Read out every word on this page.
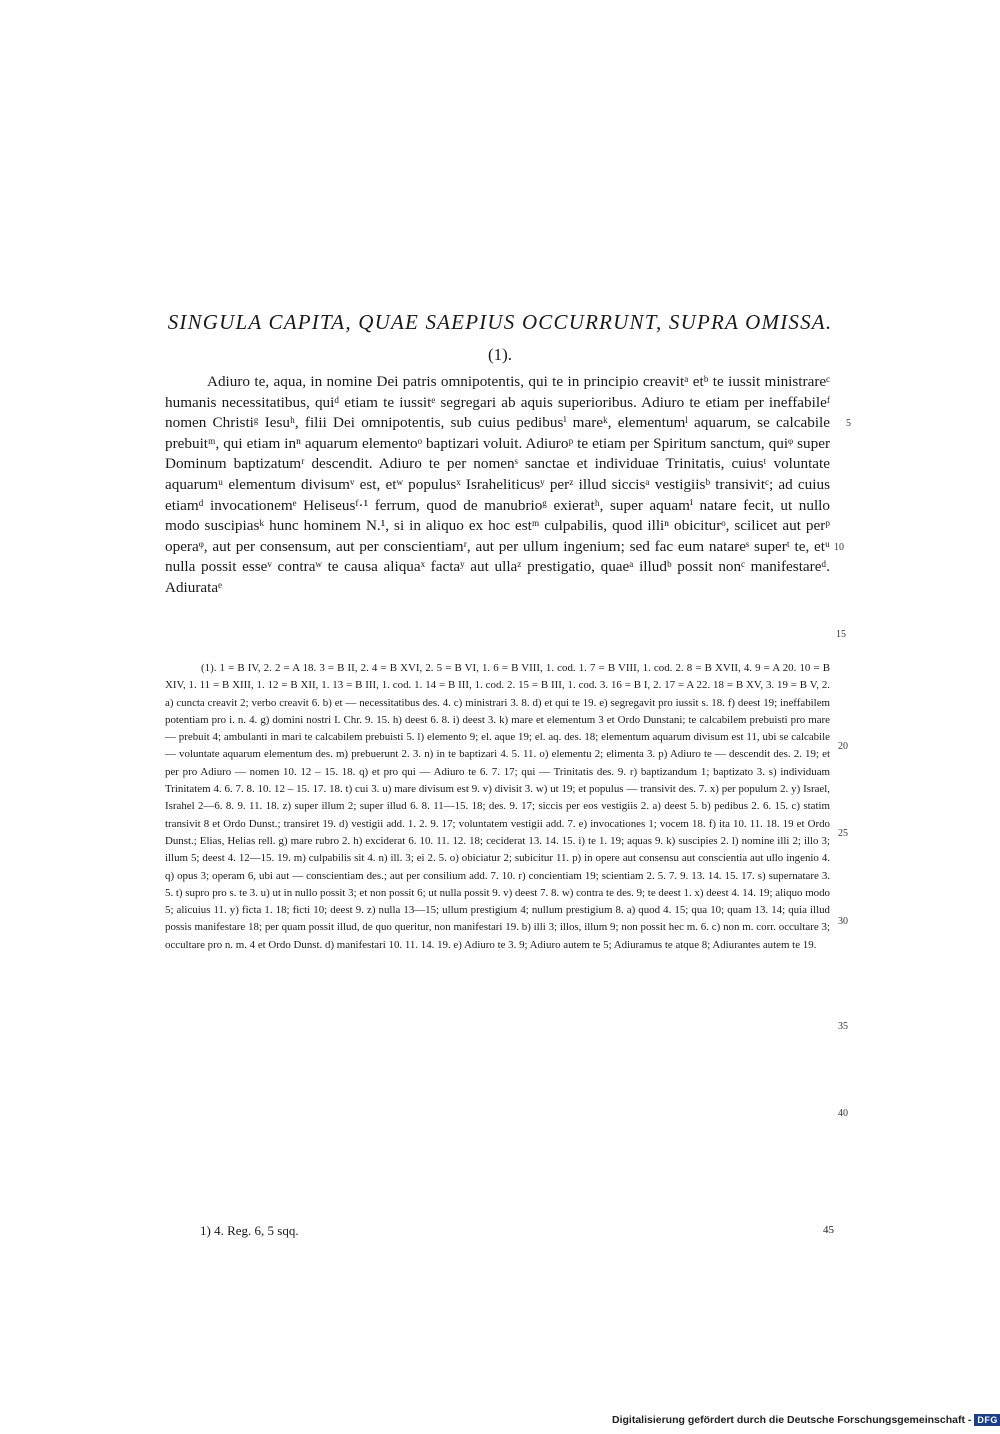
SINGULA CAPITA, QUAE SAEPIUS OCCURRUNT, SUPRA OMISSA.
(1).

Adiuro te, aqua, in nomine Dei patris omnipotentis, qui te in principio creavitᵃ etᵇ te iussit ministrareᶜ humanis necessitatibus, quiᵈ etiam te iussitᵉ segregari ab aquis superioribus. Adiuro te etiam per ineffabileᶠ nomen Christiᵍ Iesuʰ, filii Dei omnipotentis, sub cuius pedibusⁱ mareᵏ, elementumˡ aquarum, se calcabile prebuitᵐ, qui etiam inⁿ aquarum elementoᵒ baptizari voluit. Adiuroᵖ te etiam per Spiritum sanctum, quiᵠ super Dominum baptizatumʳ descendit. Adiuro te per nomenˢ sanctae et individuae Trinitatis, cuiusᵗ voluntate aquarumᵘ elementum divisumᵛ est, etʷ populusˣ Israheliticusʸ perᶻ illud siccisᵃ vestigiisᵇ transivitᶜ; ad cuius etiamᵈ invocationemᵉ Heliseusᶠ·¹ ferrum, quod de manubrioᵍ exieratʰ, super aquamⁱ natare fecit, ut nullo modo suscipiasᵏ hunc hominem N.¹, si in aliquo ex hoc estᵐ culpabilis, quod illiⁿ obiciturᵒ, scilicet aut perᵖ operaᵠ, aut per consensum, aut per conscientiamʳ, aut per ullum ingenium; sed fac eum natareˢ superᵗ te, etᵘ nulla possit esseᵛ contraʷ te causa aliquaˣ factaʸ aut ullaᶻ prestigatio, quaeᵃ illudᵇ possit nonᶜ manifestareᵈ. Adiurataᵉ

5
10
15
20
25
30
35
40

(1). 1 = B IV, 2. 2 = A 18. 3 = B II, 2. 4 = B XVI, 2. 5 = B VI, 1. 6 = B VIII, 1. cod. 1. 7 = B VIII, 1. cod. 2. 8 = B XVII, 4. 9 = A 20. 10 = B XIV, 1. 11 = B XIII, 1. 12 = B XII, 1. 13 = B III, 1. cod. 1. 14 = B III, 1. cod. 2. 15 = B III, 1. cod. 3. 16 = B I, 2. 17 = A 22. 18 = B XV, 3. 19 = B V, 2. a) cuncta creavit 2; verbo creavit 6. b) et — necessitatibus des. 4. c) ministrari 3. 8. d) et qui te 19. e) segregavit pro iussit s. 18. f) deest 19; ineffabilem potentiam pro i. n. 4. g) domini nostri I. Chr. 9. 15. h) deest 6. 8. i) deest 3. k) mare et elementum 3 et Ordo Dunstani; te calcabilem prebuisti pro mare — prebuit 4; ambulanti in mari te calcabilem prebuisti 5. l) elemento 9; el. aque 19; el. aq. des. 18; elementum aquarum divisum est 11, ubi se calcabile — voluntate aquarum elementum des. m) prebuerunt 2. 3. n) in te baptizari 4. 5. 11. o) elementu 2; elimenta 3. p) Adiuro te — descendit des. 2. 19; et per pro Adiuro — nomen 10. 12 – 15. 18. q) et pro qui — Adiuro te 6. 7. 17; qui — Trinitatis des. 9. r) baptizandum 1; baptizato 3. s) individuam Trinitatem 4. 6. 7. 8. 10. 12 – 15. 17. 18. t) cui 3. u) mare divisum est 9. v) divisit 3. w) ut 19; et populus — transivit des. 7. x) per populum 2. y) Israel, Israhel 2—6. 8. 9. 11. 18. z) super illum 2; super illud 6. 8. 11—15. 18; des. 9. 17; siccis per eos vestigiis 2. a) deest 5. b) pedibus 2. 6. 15. c) statim transivit 8 et Ordo Dunst.; transiret 19. d) vestigii add. 1. 2. 9. 17; voluntatem vestigii add. 7. e) invocationes 1; vocem 18. f) ita 10. 11. 18. 19 et Ordo Dunst.; Elias, Helias rell. g) mare rubro 2. h) exciderat 6. 10. 11. 12. 18; ceciderat 13. 14. 15. i) te 1. 19; aquas 9. k) suscipies 2. l) nomine illi 2; illo 3; illum 5; deest 4. 12—15. 19. m) culpabilis sit 4. n) ill. 3; ei 2. 5. o) obiciatur 2; subicitur 11. p) in opere aut consensu aut conscientia aut ullo ingenio 4. q) opus 3; operam 6, ubi aut — conscientiam des.; aut per consilium add. 7. 10. r) concientiam 19; scientiam 2. 5. 7. 9. 13. 14. 15. 17. s) supernatare 3. 5. t) supro pro s. te 3. u) ut in nullo possit 3; et non possit 6; ut nulla possit 9. v) deest 7. 8. w) contra te des. 9; te deest 1. x) deest 4. 14. 19; aliquo modo 5; alicuius 11. y) ficta 1. 18; ficti 10; deest 9. z) nulla 13—15; ullum prestigium 4; nullum prestigium 8. a) quod 4. 15; qua 10; quam 13. 14; quia illud possis manifestare 18; per quam possit illud, de quo queritur, non manifestari 19. b) illi 3; illos, illum 9; non possit hec m. 6. c) non m. corr. occultare 3; occultare pro n. m. 4 et Ordo Dunst. d) manifestari 10. 11. 14. 19. e) Adiuro te 3. 9; Adiuro autem te 5; Adiuramus te atque 8; Adiurantes autem te 19.

1) 4. Reg. 6, 5 sqq.	45
Digitalisierung gefördert durch die Deutsche Forschungsgemeinschaft - DFG
